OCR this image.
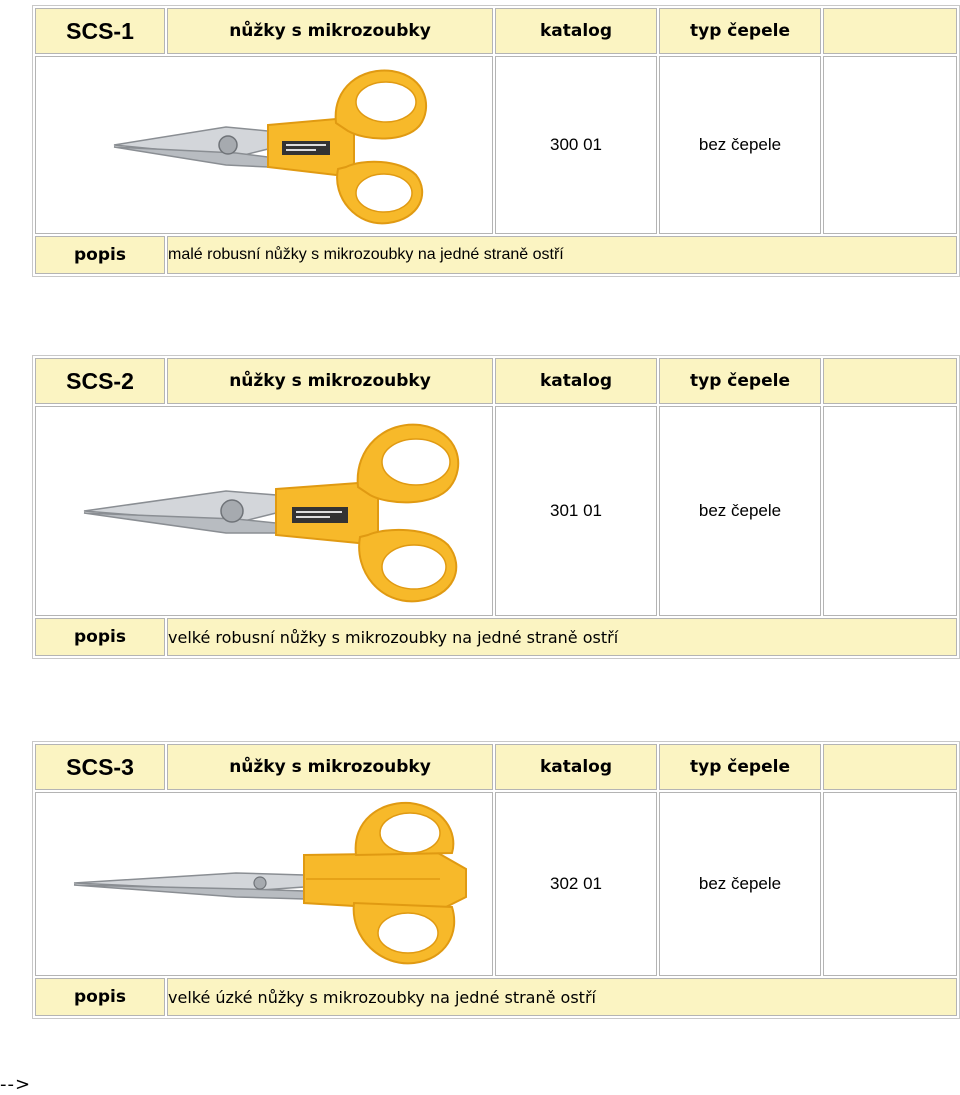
SCS-1	nůžky s mikrozoubky	katalog	typ čepele	

	300 01	bez čepele	
popis	malé robusní nůžky s mikrozoubky na jedné straně ostří			
SCS-2	nůžky s mikrozoubky	katalog	typ čepele	

	301 01	bez čepele	
popis	velké robusní nůžky s mikrozoubky na jedné straně ostří			
SCS-3	nůžky s mikrozoubky	katalog	typ čepele	

	302 01	bez čepele	
popis	velké úzké nůžky s mikrozoubky na jedné straně ostří			
-->
